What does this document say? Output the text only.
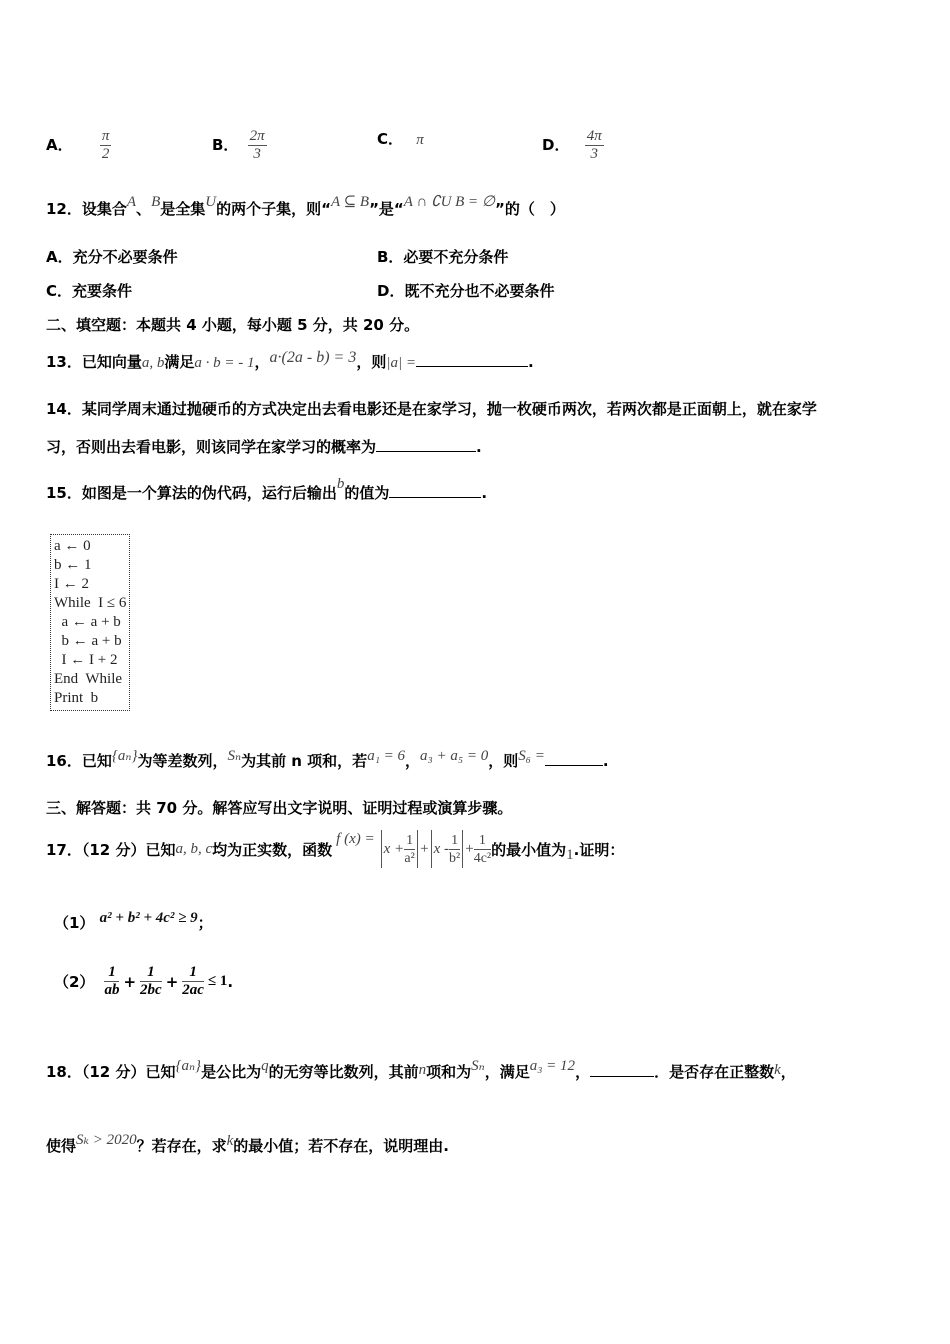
A． $\frac{\pi}{2}$	B． $\frac{2\pi}{3}$	C． π	D． $\frac{4\pi}{3}$
12．设集合A、B是全集U的两个子集，则“A ⊆ B”是“A ∩ ∁U B = ∅”的（　）
A．充分不必要条件	B．必要不充分条件
C．充要条件	D．既不充分也不必要条件
二、填空题：本题共 4 小题，每小题 5 分，共 20 分。
13．已知向量a, b满足a · b = - 1，a·(2a - b) = 3，则|a| =	.
14．某同学周末通过抛硬币的方式决定出去看电影还是在家学习，抛一枚硬币两次，若两次都是正面朝上，就在家学
习，否则出去看电影，则该同学在家学习的概率为	.
15．如图是一个算法的伪代码，运行后输出b的值为	.
a ← 0
b ← 1
I ← 2
While  I ≤ 6
a ← a + b
b ← a + b
I ← I + 2
End  While
Print  b
16．已知{aₙ}为等差数列，Sₙ为其前 n 项和，若a₁ = 6，a₃ + a₅ = 0，则S₆ =	.
三、解答题：共 70 分。解答应写出文字说明、证明过程或演算步骤。
17．（12 分）已知 a, b, c 均为正实数，函数
f (x) =
$x + \frac{1}{\text{a²}} + x - \frac{1}{\text{b²}} + \frac{1}{\text{4c²}}$ 的最小值为 1 .证明：
（1） a² + b² + 4c² ≥ 9；
$(2) \frac{1}{ab} + \frac{1}{2bc} + \frac{1}{2ac} \le 1$ .
18．（12 分）已知{aₙ}是公比为q的无穷等比数列，其前n项和为Sₙ，满足a₃ = 12，	．是否存在正整数k，
使得Sₖ > 2020？若存在，求k的最小值；若不存在，说明理由.
